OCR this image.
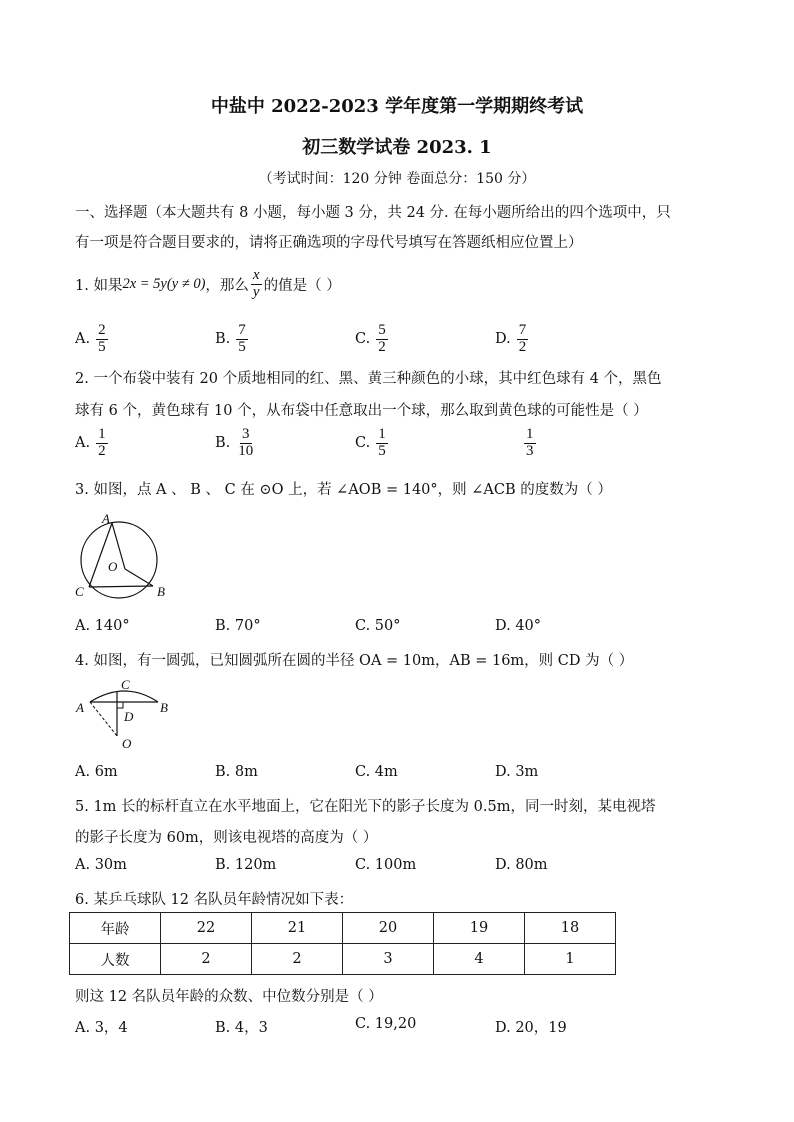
中盐中 2022-2023 学年度第一学期期终考试
初三数学试卷 2023. 1
（考试时间：120 分钟 卷面总分：150 分）
一、选择题（本大题共有 8 小题，每小题 3 分，共 24 分. 在每小题所给出的四个选项中，只
有一项是符合题目要求的，请将正确选项的字母代号填写在答题纸相应位置上）
1. 如果 2x = 5y(y ≠ 0) ，那么 $\frac{x}{y}$ 的值是（ ）
A. $\frac{2}{5}$	B. $\frac{7}{5}$	C. $\frac{5}{2}$	D. $\frac{7}{2}$
2. 一个布袋中装有 20 个质地相同的红、黑、黄三种颜色的小球，其中红色球有 4 个，黑色
球有 6 个，黄色球有 10 个，从布袋中任意取出一个球，那么取到黄色球的可能性是（ ）
A. $\frac{1}{2}$	B. $\frac{3}{10}$	C. $\frac{1}{5}$	$\frac{1}{3}$
3. 如图，点 A 、 B 、 C 在 ⊙O 上，若 ∠AOB = 140°，则 ∠ACB 的度数为（ ）
A
O
C	B
A. 140°	B. 70°	C. 50°	D. 40°
4. 如图，有一圆弧，已知圆弧所在圆的半径 OA = 10m，AB = 16m，则 CD 为（ ）
C
A	B
D
O
A. 6m	B. 8m	C. 4m	D. 3m
5. 1m 长的标杆直立在水平地面上，它在阳光下的影子长度为 0.5m，同一时刻，某电视塔
的影子长度为 60m，则该电视塔的高度为（ ）
A. 30m	B. 120m	C. 100m	D. 80m
6. 某乒乓球队 12 名队员年龄情况如下表：
年龄	22	21	20	19	18
人数	2	2	3	4	1
则这 12 名队员年龄的众数、中位数分别是（ ）
A. 3，4	B. 4，3	C. 19,20	D. 20，19
